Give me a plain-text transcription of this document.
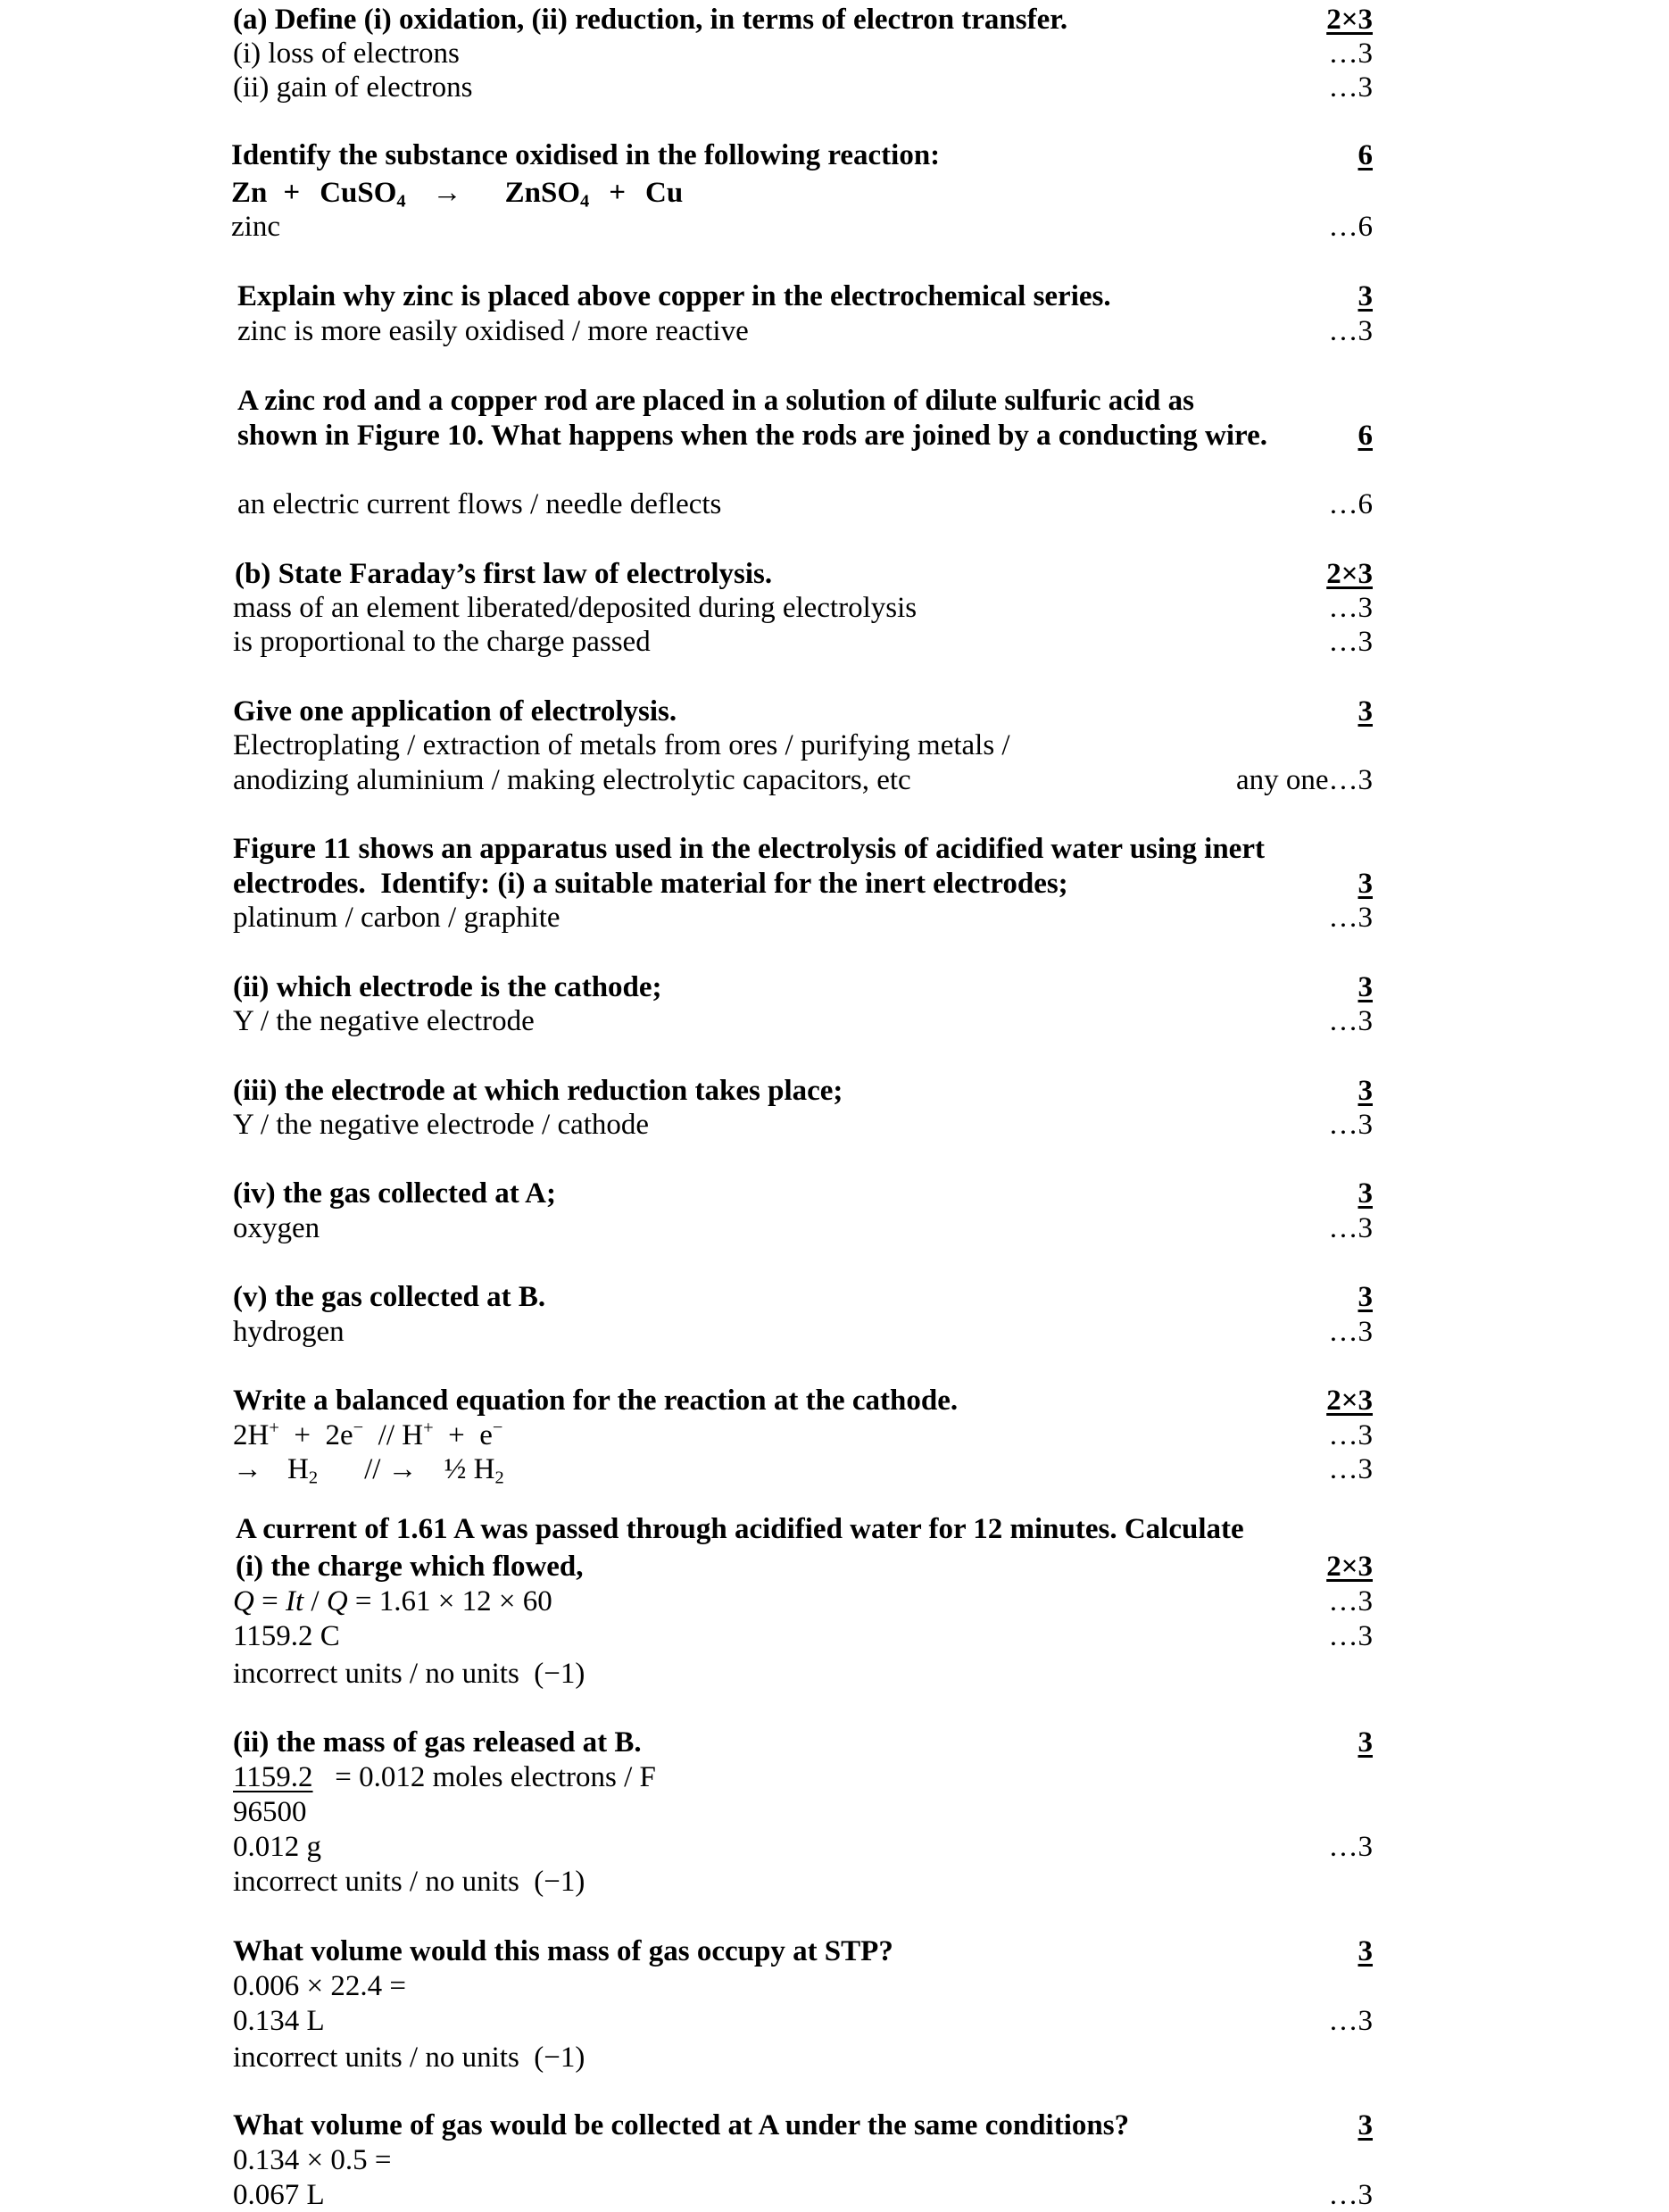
(a) Define (i) oxidation, (ii) reduction, in terms of electron transfer.	2×3
(i) loss of electrons	…3
(ii) gain of electrons	…3
Identify the substance oxidised in the following reaction:	6
Zn + CuSO$_4$ → ZnSO$_4$ + Cu
zinc	…6
Explain why zinc is placed above copper in the electrochemical series.	3
zinc is more easily oxidised / more reactive	…3
A zinc rod and a copper rod are placed in a solution of dilute sulfuric acid as
shown in Figure 10. What happens when the rods are joined by a conducting wire.	6
an electric current flows / needle deflects	…6
(b) State Faraday’s first law of electrolysis.	2×3
mass of an element liberated/deposited during electrolysis	…3
is proportional to the charge passed	…3
Give one application of electrolysis.	3
Electroplating / extraction of metals from ores / purifying metals /
anodizing aluminium / making electrolytic capacitors, etc	any one…3
Figure 11 shows an apparatus used in the electrolysis of acidified water using inert
electrodes.  Identify: (i) a suitable material for the inert electrodes;	3
platinum / carbon / graphite	…3
(ii) which electrode is the cathode;	3
Y / the negative electrode	…3
(iii) the electrode at which reduction takes place;	3
Y / the negative electrode / cathode	…3
(iv) the gas collected at A;	3
oxygen	…3
(v) the gas collected at B.	3
hydrogen	…3
Write a balanced equation for the reaction at the cathode.	2×3
2H+  +  2e−  // H+  +  e−	…3
→ $H_2$ // → ½ $H_2$	…3
A current of 1.61 A was passed through acidified water for 12 minutes. Calculate
(i) the charge which flowed,	2×3
Q = It / Q = 1.61 × 12 × 60	…3
1159.2 C	…3
incorrect units / no units  (−1)
(ii) the mass of gas released at B.	3
1159.2   = 0.012 moles electrons / F
96500
0.012 g	…3
incorrect units / no units  (−1)
What volume would this mass of gas occupy at STP?	3
0.006 × 22.4 =
0.134 L	…3
incorrect units / no units  (−1)
What volume of gas would be collected at A under the same conditions?	3
0.134 × 0.5 =
0.067 L	…3
